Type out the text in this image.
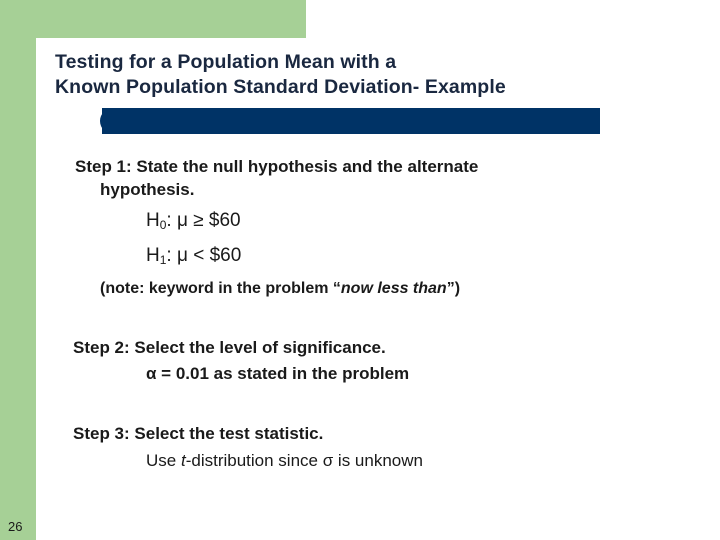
Testing for a Population Mean with a
Known Population Standard Deviation- Example
Step 1: State the null hypothesis and the alternate
hypothesis.
$H_0$: μ ≥ $60
$H_1$: μ < $60
(note: keyword in the problem “now less than”)
Step 2: Select the level of significance.
α = 0.01 as stated in the problem
Step 3: Select the test statistic.
Use t-distribution since σ is unknown
26
